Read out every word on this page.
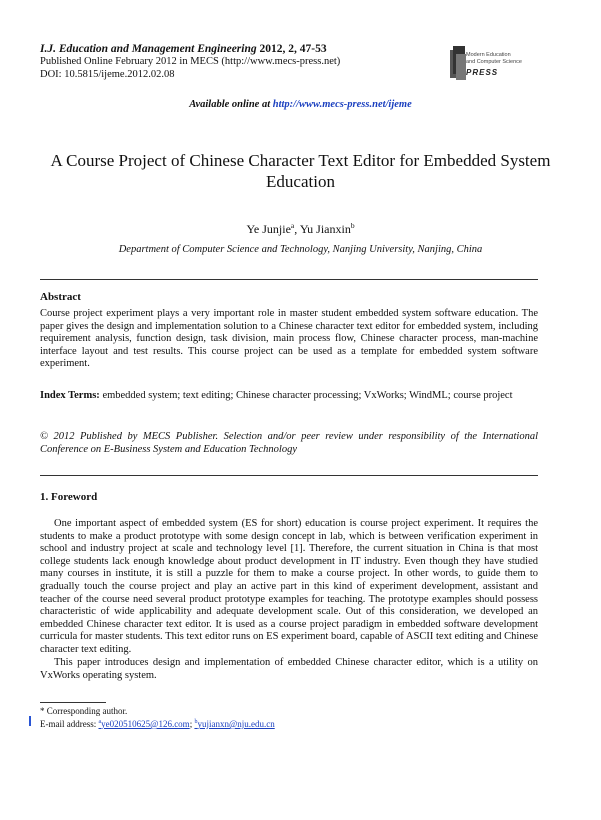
I.J. Education and Management Engineering 2012, 2, 47-53
Published Online February 2012 in MECS (http://www.mecs-press.net)
DOI: 10.5815/ijeme.2012.02.08
Modern Education
and Computer Science
PRESS
Available online at http://www.mecs-press.net/ijeme
A Course Project of Chinese Character Text Editor for Embedded System Education
Ye Junjie$^a$, Yu Jianxin$^b$
Department of Computer Science and Technology, Nanjing University, Nanjing, China
Abstract
Course project experiment plays a very important role in master student embedded system software education. The paper gives the design and implementation solution to a Chinese character text editor for embedded system, including requirement analysis, function design, task division, main process flow, Chinese character process, man-machine interface layout and test results. This course project can be used as a template for embedded system software experiment.
Index Terms: embedded system; text editing; Chinese character processing; VxWorks; WindML; course project
© 2012 Published by MECS Publisher. Selection and/or peer review under responsibility of the International Conference on E-Business System and Education Technology
1. Foreword
One important aspect of embedded system (ES for short) education is course project experiment. It requires the students to make a product prototype with some design concept in lab, which is between verification experiment in school and industry project at scale and technology level [1]. Therefore, the current situation in China is that most college students lack enough knowledge about product development in IT industry. Even though they have studied many courses in institute, it is still a puzzle for them to make a course project. In other words, to guide them to gradually touch the course project and play an active part in this kind of experiment development, assistant and teacher of the course need several product prototype examples for teaching. The prototype examples should possess characteristic of wide applicability and adequate development scale. Out of this consideration, we developed an embedded Chinese character text editor. It is used as a course project paradigm in embedded software development curricula for master students. This text editor runs on ES experiment board, capable of ASCII text editing and Chinese character text editing.
This paper introduces design and implementation of embedded Chinese character editor, which is a utility on VxWorks operating system.
* Corresponding author.
E-mail address: $^a$ye020510625@126.com; $^b$yujianxn@nju.edu.cn
